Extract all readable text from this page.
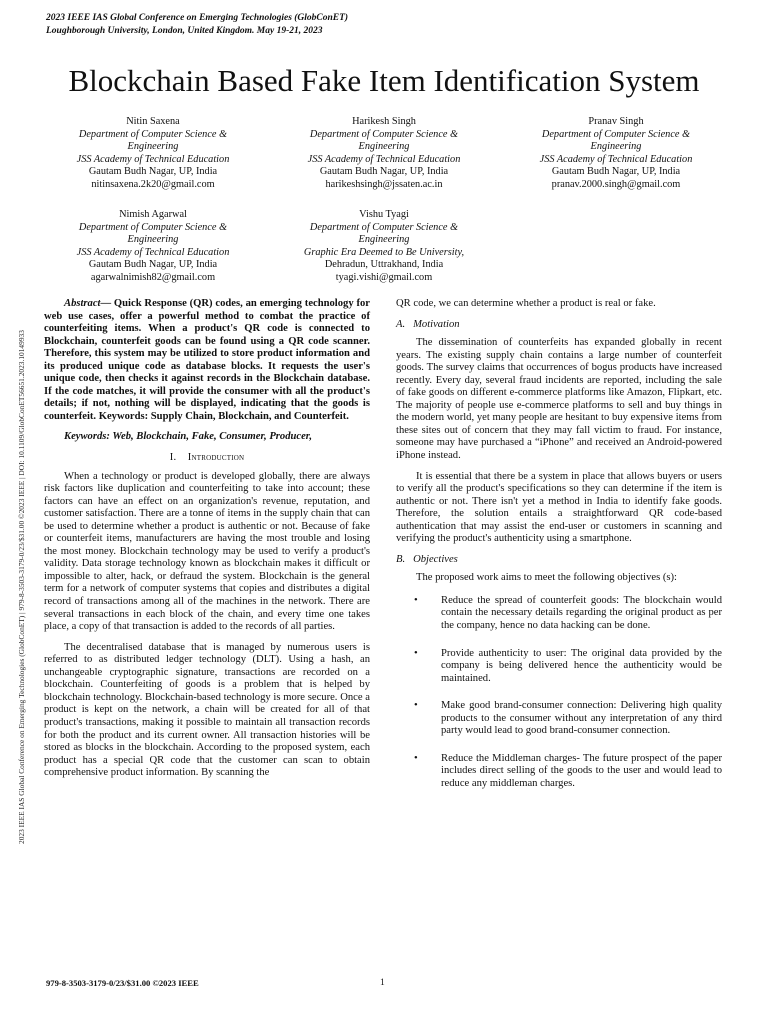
2023 IEEE IAS Global Conference on Emerging Technologies (GlobConET)
Loughborough University, London, United Kingdom. May 19-21, 2023
2023 IEEE IAS Global Conference on Emerging Technologies (GlobConET) | 979-8-3503-3179-0/23/$31.00 ©2023 IEEE | DOI: 10.1109/GlobConET56651.2023.10149933
Blockchain Based Fake Item Identification System
Nitin Saxena
Department of Computer Science &
Engineering
JSS Academy of Technical Education
Gautam Budh Nagar, UP, India
nitinsaxena.2k20@gmail.com
Harikesh Singh
Department of Computer Science &
Engineering
JSS Academy of Technical Education
Gautam Budh Nagar, UP, India
harikeshsingh@jssaten.ac.in
Pranav Singh
Department of Computer Science &
Engineering
JSS Academy of Technical Education
Gautam Budh Nagar, UP, India
pranav.2000.singh@gmail.com
Nimish Agarwal
Department of Computer Science &
Engineering
JSS Academy of Technical Education
Gautam Budh Nagar, UP, India
agarwalnimish82@gmail.com
Vishu Tyagi
Department of Computer Science &
Engineering
Graphic Era Deemed to Be University,
Dehradun, Uttrakhand, India
tyagi.vishi@gmail.com

Abstract— Quick Response (QR) codes, an emerging technology for web use cases, offer a powerful method to combat the practice of counterfeiting items. When a product's QR code is connected to Blockchain, counterfeit goods can be found using a QR code scanner. Therefore, this system may be utilized to store product information and its produced unique code as database blocks. It requests the user's unique code, then checks it against records in the Blockchain database. If the code matches, it will provide the consumer with all the product's details; if not, nothing will be displayed, indicating that the goods is counterfeit. Keywords: Supply Chain, Blockchain, and Counterfeit.

Keywords: Web, Blockchain, Fake, Consumer, Producer,

I. Introduction

When a technology or product is developed globally, there are always risk factors like duplication and counterfeiting to take into account; these factors can have an effect on an organization's revenue, reputation, and customer satisfaction. There are a tonne of items in the supply chain that can be used to determine whether a product is authentic or not. Because of fake or counterfeit items, manufacturers are having the most trouble and losing the most money. Blockchain technology may be used to verify a product's validity. Data storage technology known as blockchain makes it difficult or impossible to alter, hack, or defraud the system. Blockchain is the general term for a network of computer systems that copies and distributes a digital record of transactions among all of the machines in the network. There are several transactions in each block of the chain, and every time one takes place, a copy of that transaction is added to the records of all parties.

The decentralised database that is managed by numerous users is referred to as distributed ledger technology (DLT). Using a hash, an unchangeable cryptographic signature, transactions are recorded on a blockchain. Counterfeiting of goods is a problem that is helped by blockchain technology. Blockchain-based technology is more secure. Once a product is kept on the network, a chain will be created for all of that product's transactions, making it possible to maintain all transaction records for both the product and its current owner. All transaction histories will be stored as blocks in the blockchain. According to the proposed system, each product has a special QR code that the customer can scan to obtain comprehensive product information. By scanning the

QR code, we can determine whether a product is real or fake.

A. Motivation

The dissemination of counterfeits has expanded globally in recent years. The existing supply chain contains a large number of counterfeit goods. The survey claims that occurrences of bogus products have increased recently. Every day, several fraud incidents are reported, including the sale of fake goods on different e-commerce platforms like Amazon, Flipkart, etc. The majority of people use e-commerce platforms to sell and buy things in the modern world, yet many people are hesitant to buy expensive items from these sites out of concern that they may fall victim to fraud. For instance, someone may have purchased a “iPhone” and received an Android-powered iPhone instead.

It is essential that there be a system in place that allows buyers or users to verify all the product's specifications so they can determine if the item is authentic or not. There isn't yet a method in India to identify fake goods. Therefore, the solution entails a straightforward QR code-based authentication that may assist the end-user or customers in scanning and verifying the product's authenticity using a smartphone.

B. Objectives

The proposed work aims to meet the following objectives (s):

• Reduce the spread of counterfeit goods: The blockchain would contain the necessary details regarding the original product as per the company, hence no data hacking can be done.
• Provide authenticity to user: The original data provided by the company is being delivered hence the authenticity would be maintained.
• Make good brand-consumer connection: Delivering high quality products to the consumer without any interpretation of any third party would lead to good brand-consumer connection.
• Reduce the Middleman charges- The future prospect of the paper includes direct selling of the goods to the user and would lead to reduce any middleman charges.
979-8-3503-3179-0/23/$31.00 ©2023 IEEE	1
